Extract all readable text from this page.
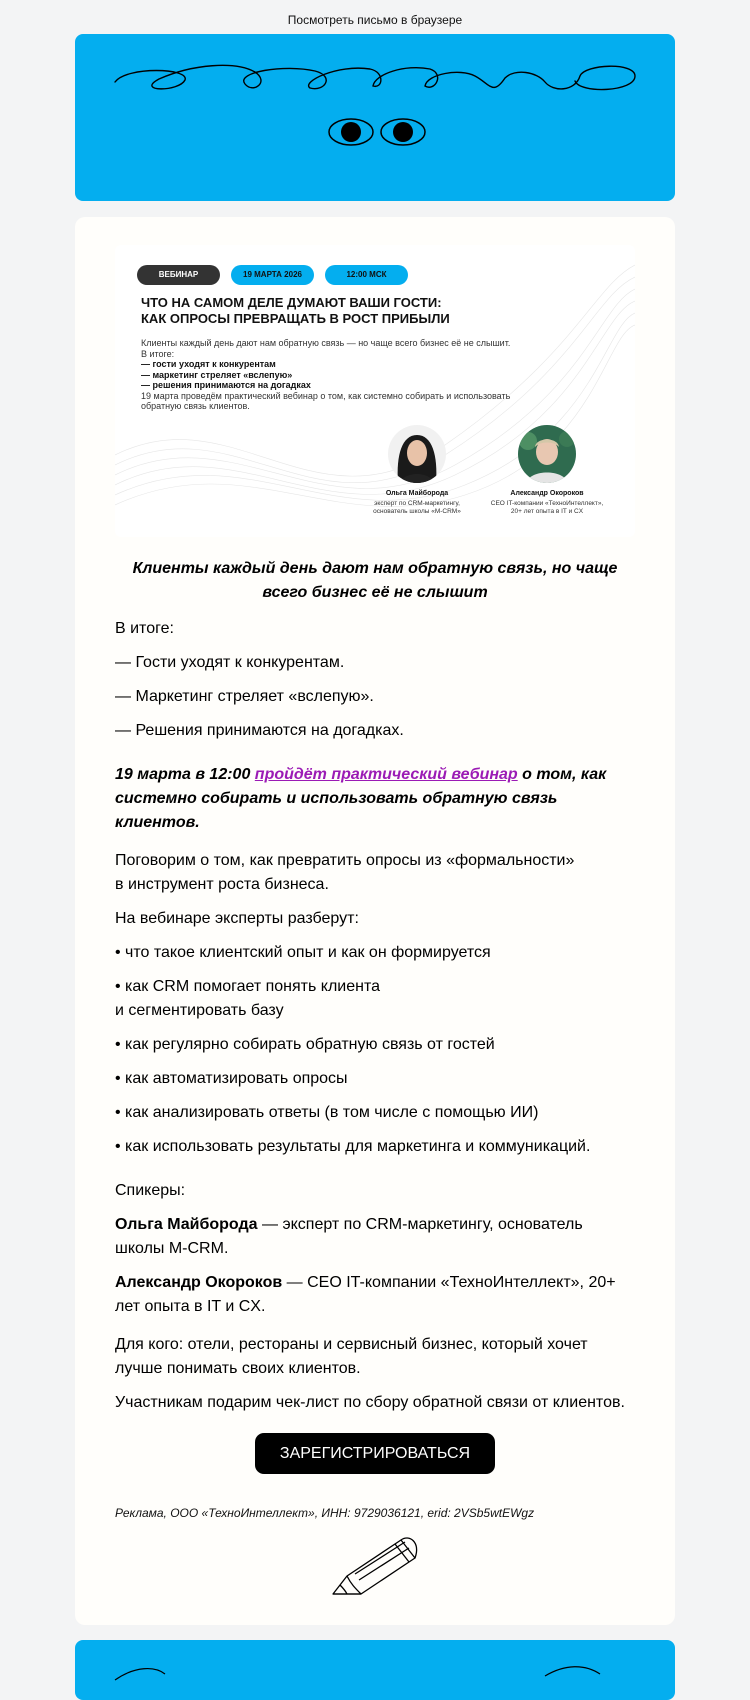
Посмотреть письмо в браузере
ВЕБИНАР	19 МАРТА 2026	12:00 МСК
ЧТО НА САМОМ ДЕЛЕ ДУМАЮТ ВАШИ ГОСТИ:
КАК ОПРОСЫ ПРЕВРАЩАТЬ В РОСТ ПРИБЫЛИ
Клиенты каждый день дают нам обратную связь — но чаще всего бизнес её не слышит.
В итоге:
— гости уходят к конкурентам
— маркетинг стреляет «вслепую»
— решения принимаются на догадках
19 марта проведём практический вебинар о том, как системно собирать и использовать обратную связь клиентов.
Ольга Майборода
эксперт по CRM-маркетингу,
основатель школы «M-CRM»
Александр Окороков
CEO IT-компании «ТехноИнтеллект»,
20+ лет опыта в IT и CX
Клиенты каждый день дают нам обратную связь, но чаще всего бизнес её не слышит
В итоге:
— Гости уходят к конкурентам.
— Маркетинг стреляет «вслепую».
— Решения принимаются на догадках.
19 марта в 12:00 пройдёт практический вебинар о том, как системно собирать и использовать обратную связь клиентов.
Поговорим о том, как превратить опросы из «формальности»
в инструмент роста бизнеса.
На вебинаре эксперты разберут:
• что такое клиентский опыт и как он формируется
• как CRM помогает понять клиента
и сегментировать базу
• как регулярно собирать обратную связь от гостей
• как автоматизировать опросы
• как анализировать ответы (в том числе с помощью ИИ)
• как использовать результаты для маркетинга и коммуникаций.
Спикеры:
Ольга Майборода — эксперт по CRM-маркетингу, основатель школы M-CRM.
Александр Окороков — CEO IT-компании «ТехноИнтеллект», 20+ лет опыта в IT и CX.
Для кого: отели, рестораны и сервисный бизнес, который хочет лучше понимать своих клиентов.
Участникам подарим чек-лист по сбору обратной связи от клиентов.
ЗАРЕГИСТРИРОВАТЬСЯ
Реклама, ООО «ТехноИнтеллект», ИНН: 9729036121, erid: 2VSb5wtEWgz
